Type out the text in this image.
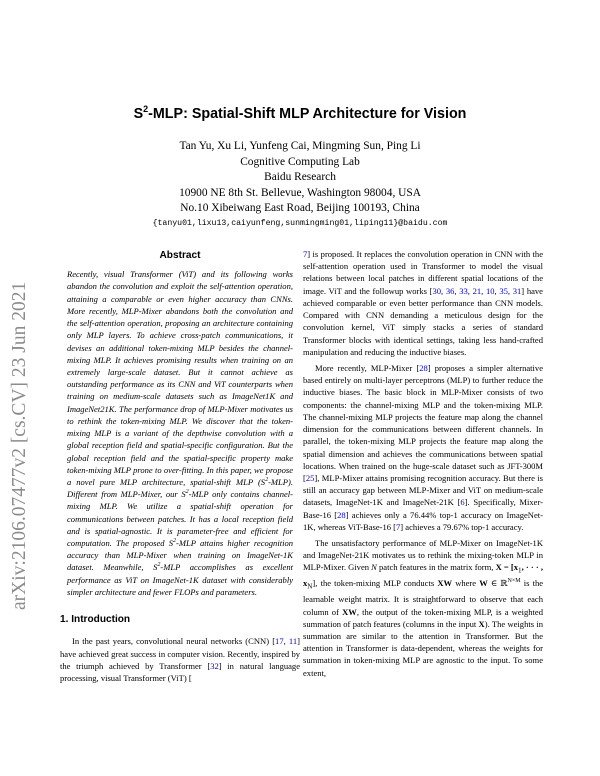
arXiv:2106.07477v2 [cs.CV] 23 Jun 2021
$S^2$-MLP: Spatial-Shift MLP Architecture for Vision
Tan Yu, Xu Li, Yunfeng Cai, Mingming Sun, Ping Li
Cognitive Computing Lab
Baidu Research
10900 NE 8th St. Bellevue, Washington 98004, USA
No.10 Xibeiwang East Road, Beijing 100193, China
{tanyu01,lixu13,caiyunfeng,sunmingming01,liping11}@baidu.com
Abstract

Recently, visual Transformer (ViT) and its following works abandon the convolution and exploit the self-attention operation, attaining a comparable or even higher accuracy than CNNs. More recently, MLP-Mixer abandons both the convolution and the self-attention operation, proposing an architecture containing only MLP layers. To achieve cross-patch communications, it devises an additional token-mixing MLP besides the channel-mixing MLP. It achieves promising results when training on an extremely large-scale dataset. But it cannot achieve as outstanding performance as its CNN and ViT counterparts when training on medium-scale datasets such as ImageNet1K and ImageNet21K. The performance drop of MLP-Mixer motivates us to rethink the token-mixing MLP. We discover that the token-mixing MLP is a variant of the depthwise convolution with a global reception field and spatial-specific configuration. But the global reception field and the spatial-specific property make token-mixing MLP prone to over-fitting. In this paper, we propose a novel pure MLP architecture, spatial-shift MLP $(S^2-MLP)$. Different from MLP-Mixer, our $S^2$-MLP only contains channel-mixing MLP. We utilize a spatial-shift operation for communications between patches. It has a local reception field and is spatial-agnostic. It is parameter-free and efficient for computation. The proposed $S^2$-MLP attains higher recognition accuracy than MLP-Mixer when training on ImageNet-1K dataset. Meanwhile, $S^2$-MLP accomplishes as excellent performance as ViT on ImageNet-1K dataset with considerably simpler architecture and fewer FLOPs and parameters.

1. Introduction

In the past years, convolutional neural networks (CNN) [17, 11] have achieved great success in computer vision. Recently, inspired by the triumph achieved by Transformer [32] in natural language processing, visual Transformer (ViT) [

7] is proposed. It replaces the convolution operation in CNN with the self-attention operation used in Transformer to model the visual relations between local patches in different spatial locations of the image. ViT and the followup works [30, 36, 33, 21, 10, 35, 31] have achieved comparable or even better performance than CNN models. Compared with CNN demanding a meticulous design for the convolution kernel, ViT simply stacks a series of standard Transformer blocks with identical settings, taking less hand-crafted manipulation and reducing the inductive biases.

More recently, MLP-Mixer [28] proposes a simpler alternative based entirely on multi-layer perceptrons (MLP) to further reduce the inductive biases. The basic block in MLP-Mixer consists of two components: the channel-mixing MLP and the token-mixing MLP. The channel-mixing MLP projects the feature map along the channel dimension for the communications between different channels. In parallel, the token-mixing MLP projects the feature map along the spatial dimension and achieves the communications between spatial locations. When trained on the huge-scale dataset such as JFT-300M [25], MLP-Mixer attains promising recognition accuracy. But there is still an accuracy gap between MLP-Mixer and ViT on medium-scale datasets, ImageNet-1K and ImageNet-21K [6]. Specifically, Mixer-Base-16 [28] achieves only a 76.44% top-1 accuracy on ImageNet-1K, whereas ViT-Base-16 [7] achieves a 79.67% top-1 accuracy.

The unsatisfactory performance of MLP-Mixer on ImageNet-1K and ImageNet-21K motivates us to rethink the mixing-token MLP in MLP-Mixer. Given N patch features in the matrix form, $X = [x_1$, · · · , $x_N$], the token-mixing MLP conducts XW where W ∈ ℝ$^{N\times M}$ is the learnable weight matrix. It is straightforward to observe that each column of XW, the output of the token-mixing MLP, is a weighted summation of patch features (columns in the input X). The weights in summation are similar to the attention in Transformer. But the attention in Transformer is data-dependent, whereas the weights for summation in token-mixing MLP are agnostic to the input. To some extent,
